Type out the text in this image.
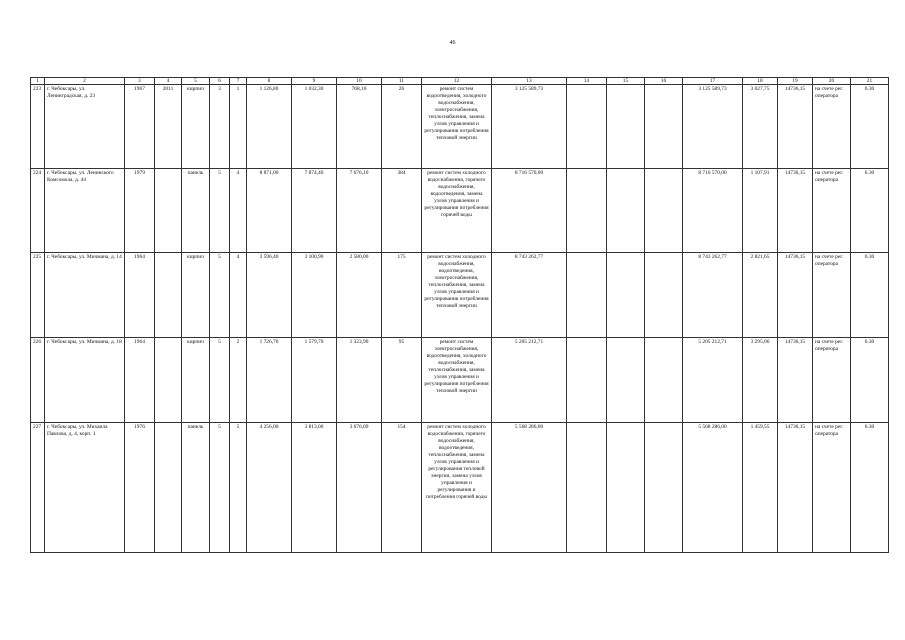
46
1	2	3	4	5	6	7	8	9	10	11	12	13	14	15	16	17	18	19	20	21
223	г. Чебоксары, ул. Ленинградская, д. 23	1967	2011	кирпич	3	1	1 126,80	1 032,30	768,10	26	ремонт систем водоотведения, холодного водоснабжения, электроснабжения, теплоснабжения, замена узлов управления и регулирования потребления тепловой энергии	3 125 589,73				3 125 589,73	3 027,75	14736,15	на счете рег. оператора	6.30
224	г. Чебоксары, ул. Ленинского Комсомола, д. 44	1979		панель	5	4	8 871,00	7 874,40	7 676,10	384	ремонт систем холодного водоснабжения, горячего водоснабжения, водоотведения, замена узлов управления и регулирования потребления горячей воды	8 716 570,00				8 716 570,00	1 107,91	14736,15	на счете рег. оператора	6.30
225	г. Чебоксары, ул. Мичмана, д. 14	1964		кирпич	5	4	3 596,40	3 100,90	2 580,00	175	ремонт систем холодного водоснабжения, водоотведения, электроснабжения, теплоснабжения, замена узлов управления и регулирования потребления тепловой энергии	8 743 262,77				8 743 262,77	2 821,65	14736,15	на счете рег. оператора	6.30
226	г. Чебоксары, ул. Мичмана, д. 18	1964		кирпич	5	2	1 726,70	1 579,70	1 323,90	95	ремонт систем электроснабжения, водоотведения, холодного водоснабжения, теплоснабжения, замена узлов управления и регулирования потребления тепловой энергии	5 205 212,71				5 205 212,71	3 295,06	14736,15	на счете рег. оператора	6.30
227	г. Чебоксары, ул. Михаила Павлова, д. 4, корп. 1	1976		панель	5	5	4 256,00	3 813,00	3 676,09	154	ремонт систем холодного водоснабжения, горячего водоснабжения, водоотведения, теплоснабжения, замена узлов управления и регулирования тепловой энергии, замена узлов управления и регулирования и потребления горячей воды	5 568 286,00				5 568 286,00	1 459,55	14736,15	на счете рег. оператора	6.30
